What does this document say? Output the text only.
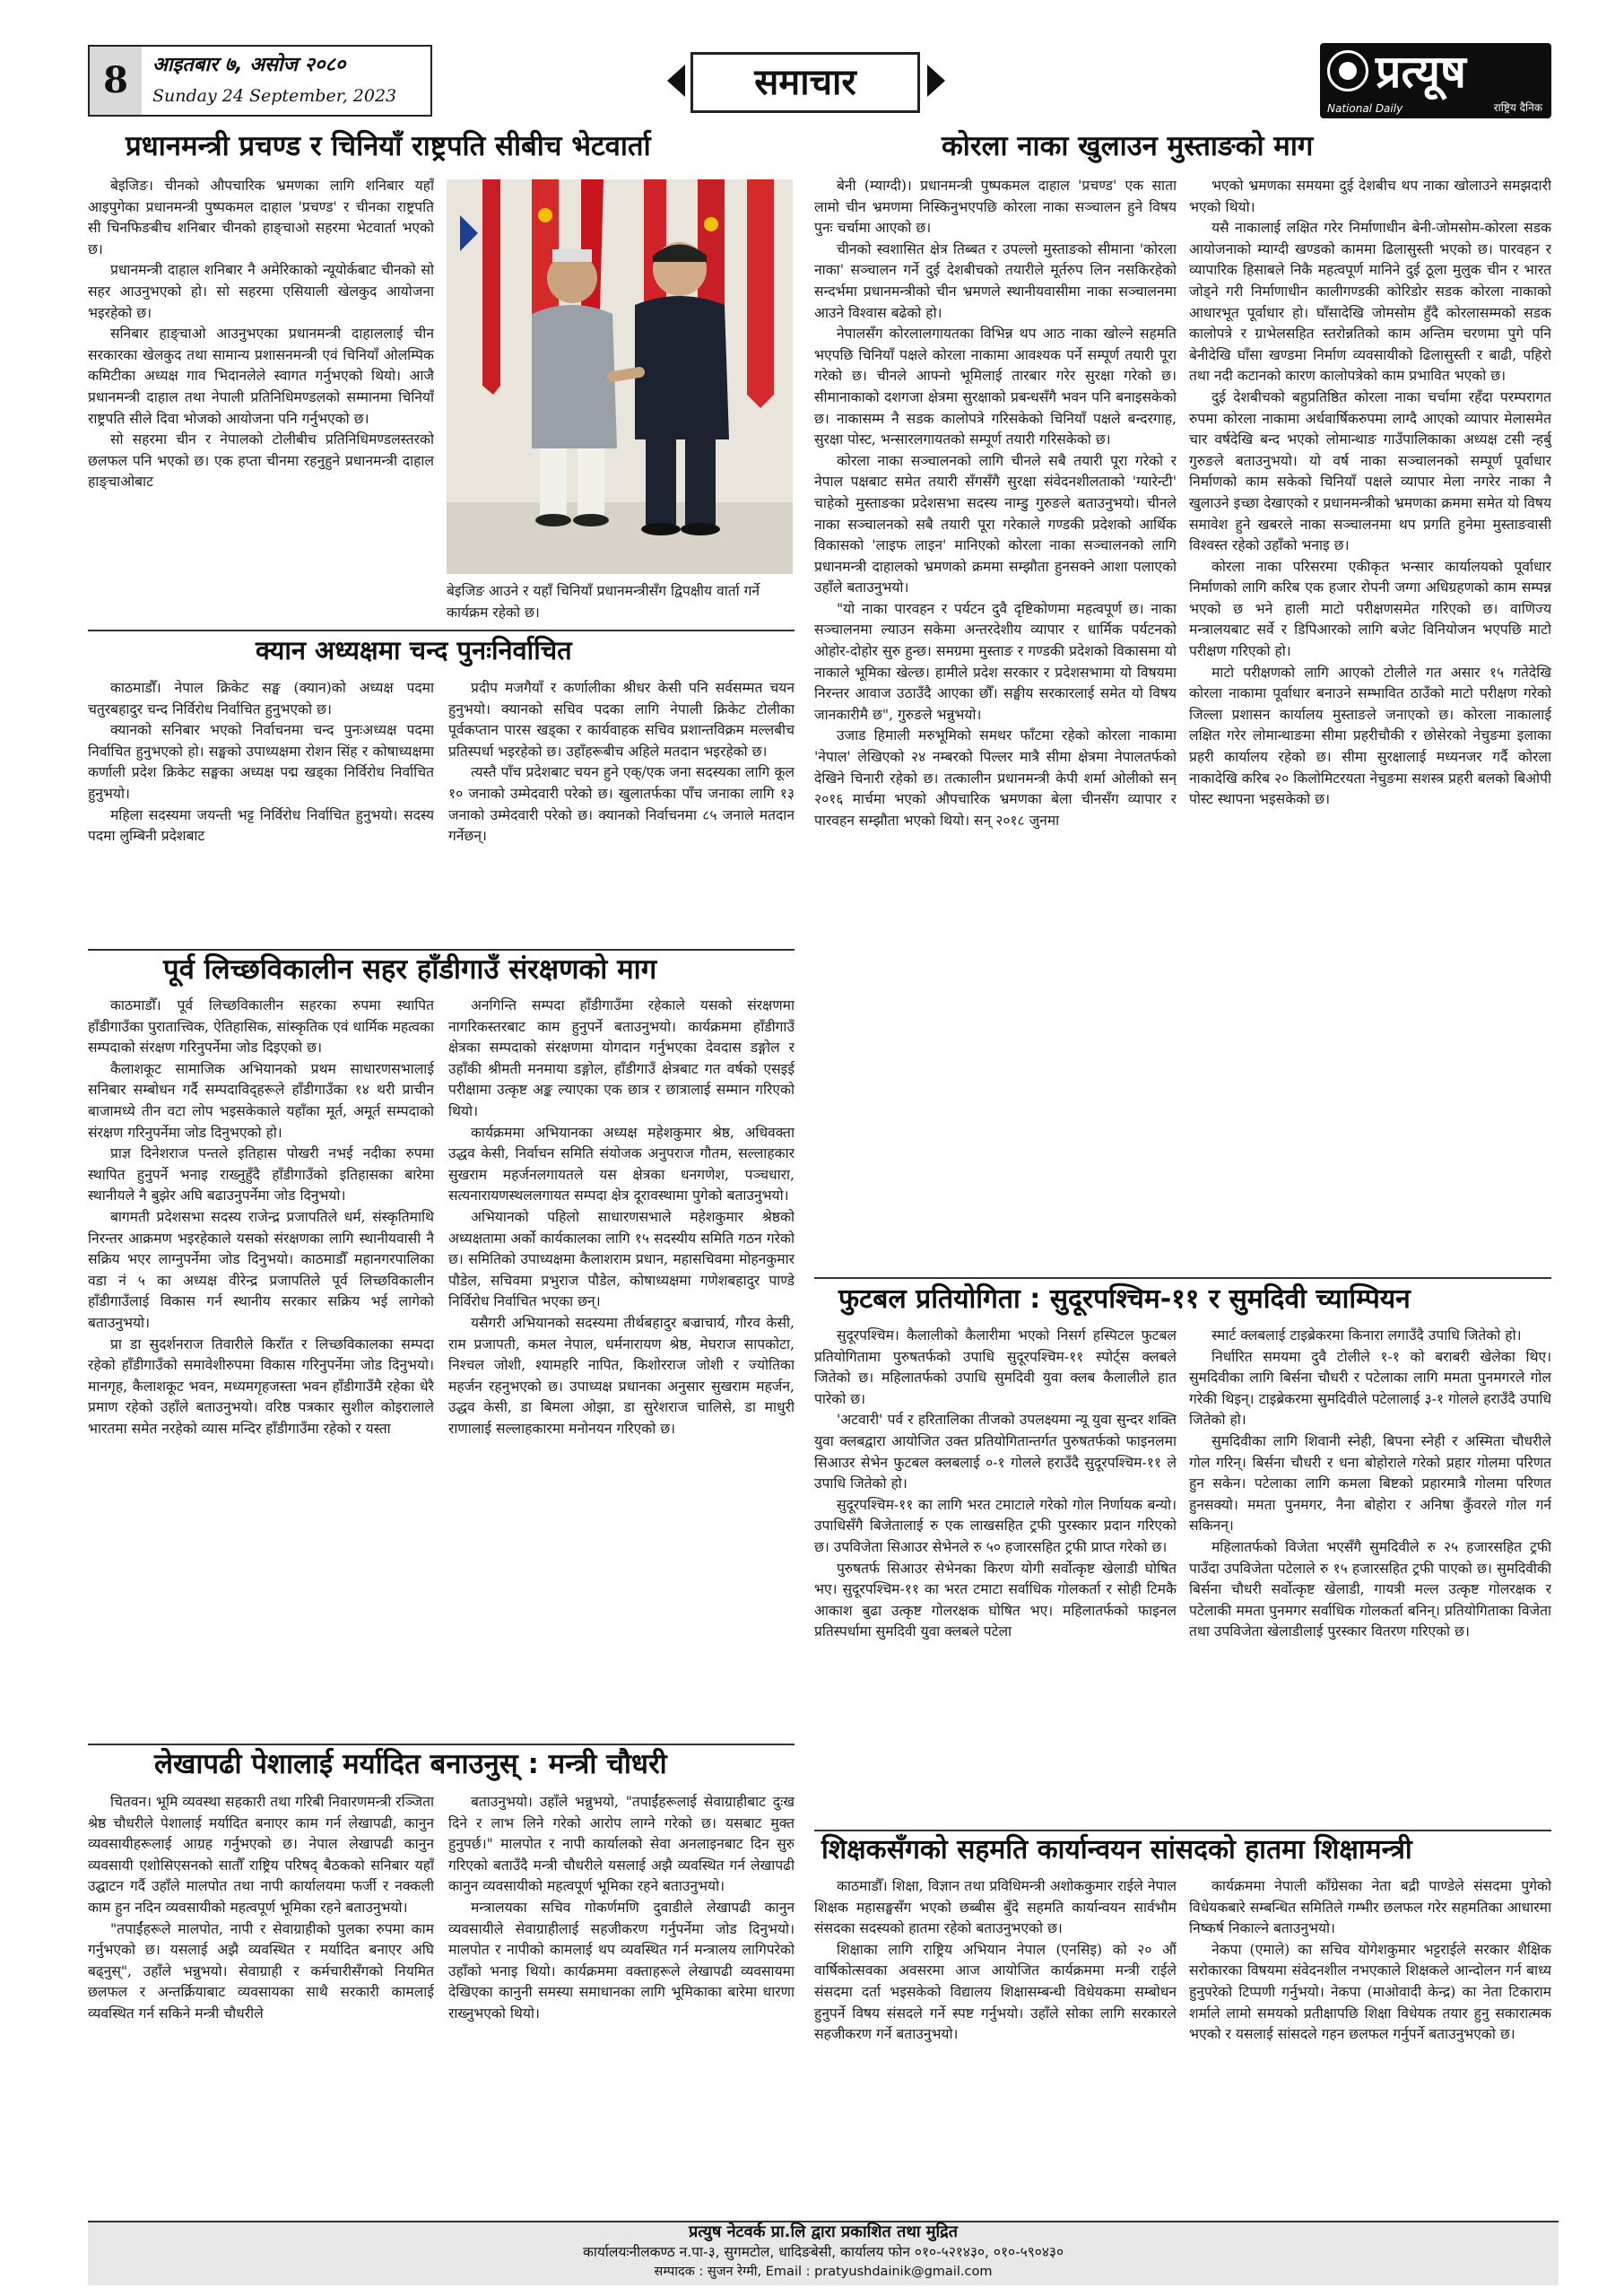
8	आइतबार ७, असोज २०८०
Sunday 24 September, 2023	समाचार	प्रत्यूष
National Daily	राष्ट्रिय दैनिक
प्रधानमन्त्री प्रचण्ड र चिनियाँ राष्ट्रपति सीबीच भेटवार्ता

बेइजिङ। चीनको औपचारिक भ्रमणका लागि शनिबार यहाँ आइपुगेका प्रधानमन्त्री पुष्पकमल दाहाल 'प्रचण्ड' र चीनका राष्ट्रपति सी चिनफिङबीच शनिबार चीनको हाङ्चाओ सहरमा भेटवार्ता भएको छ।

प्रधानमन्त्री दाहाल शनिबार नै अमेरिकाको न्यूयोर्कबाट चीनको सो सहर आउनुभएको हो। सो सहरमा एसियाली खेलकुद आयोजना भइरहेको छ।

सनिबार हाङ्चाओ आउनुभएका प्रधानमन्त्री दाहाललाई चीन सरकारका खेलकुद तथा सामान्य प्रशासनमन्त्री एवं चिनियाँ ओलम्पिक कमिटीका अध्यक्ष गाव भिदानलेले स्वागत गर्नुभएको थियो। आजै प्रधानमन्त्री दाहाल तथा नेपाली प्रतिनिधिमण्डलको सम्मानमा चिनियाँ राष्ट्रपति सीले दिवा भोजको आयोजना पनि गर्नुभएको छ।

सो सहरमा चीन र नेपालको टोलीबीच प्रतिनिधिमण्डलस्तरको छलफल पनि भएको छ। एक हप्ता चीनमा रहनुहुने प्रधानमन्त्री दाहाल हाङ्चाओबाट

बेइजिङ आउने र यहाँ चिनियाँ प्रधानमन्त्रीसँग द्विपक्षीय वार्ता गर्ने कार्यक्रम रहेको छ।
क्यान अध्यक्षमा चन्द पुनःनिर्वाचित

काठमाडौँ। नेपाल क्रिकेट सङ्घ (क्यान)को अध्यक्ष पदमा चतुरबहादुर चन्द निर्विरोध निर्वाचित हुनुभएको छ।

क्यानको सनिबार भएको निर्वाचनमा चन्द पुनःअध्यक्ष पदमा निर्वाचित हुनुभएको हो। सङ्घको उपाध्यक्षमा रोशन सिंह र कोषाध्यक्षमा कर्णाली प्रदेश क्रिकेट सङ्घका अध्यक्ष पद्म खड्का निर्विरोध निर्वाचित हुनुभयो।

महिला सदस्यमा जयन्ती भट्ट निर्विरोध निर्वाचित हुनुभयो। सदस्य पदमा लुम्बिनी प्रदेशबाट

प्रदीप मजगैयाँ र कर्णालीका श्रीधर केसी पनि सर्वसम्मत चयन हुनुभयो। क्यानको सचिव पदका लागि नेपाली क्रिकेट टोलीका पूर्वकप्तान पारस खड्का र कार्यवाहक सचिव प्रशान्तविक्रम मल्लबीच प्रतिस्पर्धा भइरहेको छ। उहाँहरूबीच अहिले मतदान भइरहेको छ।

त्यस्तै पाँच प्रदेशबाट चयन हुने एक्/एक जना सदस्यका लागि कूल १० जनाको उम्मेदवारी परेको छ। खुलातर्फका पाँच जनाका लागि १३ जनाको उम्मेदवारी परेको छ। क्यानको निर्वाचनमा ८५ जनाले मतदान गर्नेछन्।

पूर्व लिच्छविकालीन सहर हाँडीगाउँ संरक्षणको माग

काठमाडौँ। पूर्व लिच्छविकालीन सहरका रुपमा स्थापित हाँडीगाउँका पुरातात्त्विक, ऐतिहासिक, सांस्कृतिक एवं धार्मिक महत्वका सम्पदाको संरक्षण गरिनुपर्नेमा जोड दिइएको छ।

कैलाशकूट सामाजिक अभियानको प्रथम साधारणसभालाई सनिबार सम्बोधन गर्दै सम्पदाविद्हरूले हाँडीगाउँका १४ थरी प्राचीन बाजामध्ये तीन वटा लोप भइसकेकाले यहाँका मूर्त, अमूर्त सम्पदाको संरक्षण गरिनुपर्नेमा जोड दिनुभएको हो।

प्राज्ञ दिनेशराज पन्तले इतिहास पोखरी नभई नदीका रुपमा स्थापित हुनुपर्ने भनाइ राख्नुहुँदै हाँडीगाउँको इतिहासका बारेमा स्थानीयले नै बुझेर अघि बढाउनुपर्नेमा जोड दिनुभयो।

बागमती प्रदेशसभा सदस्य राजेन्द्र प्रजापतिले धर्म, संस्कृतिमाथि निरन्तर आक्रमण भइरहेकाले यसको संरक्षणका लागि स्थानीयवासी नै सक्रिय भएर लाग्नुपर्नेमा जोड दिनुभयो। काठमाडौँ महानगरपालिका वडा नं ५ का अध्यक्ष वीरेन्द्र प्रजापतिले पूर्व लिच्छविकालीन हाँडीगाउँलाई विकास गर्न स्थानीय सरकार सक्रिय भई लागेको बताउनुभयो।

प्रा डा सुदर्शनराज तिवारीले किराँत र लिच्छविकालका सम्पदा रहेको हाँडीगाउँको समावेशीरुपमा विकास गरिनुपर्नेमा जोड दिनुभयो। मानगृह, कैलाशकूट भवन, मध्यमगृहजस्ता भवन हाँडीगाउँमै रहेका धेरै प्रमाण रहेको उहाँले बताउनुभयो। वरिष्ठ पत्रकार सुशील कोइरालाले भारतमा समेत नरहेको व्यास मन्दिर हाँडीगाउँमा रहेको र यस्ता

अनगिन्ति सम्पदा हाँडीगाउँमा रहेकाले यसको संरक्षणमा नागरिकस्तरबाट काम हुनुपर्ने बताउनुभयो। कार्यक्रममा हाँडीगाउँ क्षेत्रका सम्पदाको संरक्षणमा योगदान गर्नुभएका देवदास डङ्गोल र उहाँकी श्रीमती मनमाया डङ्गोल, हाँडीगाउँ क्षेत्रबाट गत वर्षको एसइई परीक्षामा उत्कृष्ट अङ्क ल्याएका एक छात्र र छात्रालाई सम्मान गरिएको थियो।

कार्यक्रममा अभियानका अध्यक्ष महेशकुमार श्रेष्ठ, अधिवक्ता उद्धव केसी, निर्वाचन समिति संयोजक अनुपराज गौतम, सल्लाहकार सुखराम महर्जनलगायतले यस क्षेत्रका धनगणेश, पञ्चधारा, सत्यनारायणस्थललगायत सम्पदा क्षेत्र दूरावस्थामा पुगेको बताउनुभयो।

अभियानको पहिलो साधारणसभाले महेशकुमार श्रेष्ठको अध्यक्षतामा अर्को कार्यकालका लागि १५ सदस्यीय समिति गठन गरेको छ। समितिको उपाध्यक्षमा कैलाशराम प्रधान, महासचिवमा मोहनकुमार पौडेल, सचिवमा प्रभुराज पौडेल, कोषाध्यक्षमा गणेशबहादुर पाण्डे निर्विरोध निर्वाचित भएका छन्।

यसैगरी अभियानको सदस्यमा तीर्थबहादुर बज्राचार्य, गौरव केसी, राम प्रजापती, कमल नेपाल, धर्मनारायण श्रेष्ठ, मेघराज सापकोटा, निश्चल जोशी, श्यामहरि नापित, किशोरराज जोशी र ज्योतिका महर्जन रहनुभएको छ। उपाध्यक्ष प्रधानका अनुसार सुखराम महर्जन, उद्धव केसी, डा बिमला ओझा, डा सुरेशराज चालिसे, डा माधुरी राणालाई सल्लाहकारमा मनोनयन गरिएको छ।

लेखापढी पेशालाई मर्यादित बनाउनुस् : मन्त्री चौधरी

चितवन। भूमि व्यवस्था सहकारी तथा गरिबी निवारणमन्त्री रञ्जिता श्रेष्ठ चौधरीले पेशालाई मर्यादित बनाएर काम गर्न लेखापढी, कानुन व्यवसायीहरूलाई आग्रह गर्नुभएको छ। नेपाल लेखापढी कानुन व्यवसायी एशोसिएसनको सातौँ राष्ट्रिय परिषद् बैठकको सनिबार यहाँ उद्घाटन गर्दै उहाँले मालपोत तथा नापी कार्यालयमा फर्जी र नक्कली काम हुन नदिन व्यवसायीको महत्वपूर्ण भूमिका रहने बताउनुभयो।

"तपाईंहरूले मालपोत, नापी र सेवाग्राहीको पुलका रुपमा काम गर्नुभएको छ। यसलाई अझै व्यवस्थित र मर्यादित बनाएर अघि बढ्नुस्", उहाँले भन्नुभयो। सेवाग्राही र कर्मचारीसँगको नियमित छलफल र अन्तर्क्रियाबाट व्यवसायका साथै सरकारी कामलाई व्यवस्थित गर्न सकिने मन्त्री चौधरीले

बताउनुभयो। उहाँले भन्नुभयो, "तपाईंहरूलाई सेवाग्राहीबाट दुःख दिने र लाभ लिने गरेको आरोप लाग्ने गरेको छ। यसबाट मुक्त हुनुपर्छ।" मालपोत र नापी कार्यालको सेवा अनलाइनबाट दिन सुरु गरिएको बताउँदै मन्त्री चौधरीले यसलाई अझै व्यवस्थित गर्न लेखापढी कानुन व्यवसायीको महत्वपूर्ण भूमिका रहने बताउनुभयो।

मन्त्रालयका सचिव गोकर्णमणि दुवाडीले लेखापढी कानुन व्यवसायीले सेवाग्राहीलाई सहजीकरण गर्नुपर्नेमा जोड दिनुभयो। मालपोत र नापीको कामलाई थप व्यवस्थित गर्न मन्त्रालय लागिपरेको उहाँको भनाइ थियो। कार्यक्रममा वक्ताहरूले लेखापढी व्यवसायमा देखिएका कानुनी समस्या समाधानका लागि भूमिकाका बारेमा धारणा राख्नुभएको थियो।

कोरला नाका खुलाउन मुस्ताङको माग

बेनी (म्याग्दी)। प्रधानमन्त्री पुष्पकमल दाहाल 'प्रचण्ड' एक साता लामो चीन भ्रमणमा निस्किनुभएपछि कोरला नाका सञ्चालन हुने विषय पुनः चर्चामा आएको छ।

चीनको स्वशासित क्षेत्र तिब्बत र उपल्लो मुस्ताङको सीमाना 'कोरला नाका' सञ्चालन गर्ने दुई देशबीचको तयारीले मूर्तरुप लिन नसकिरहेको सन्दर्भमा प्रधानमन्त्रीको चीन भ्रमणले स्थानीयवासीमा नाका सञ्चालनमा आउने विश्वास बढेको हो।

नेपालसँग कोरलालगायतका विभिन्न थप आठ नाका खोल्ने सहमति भएपछि चिनियाँ पक्षले कोरला नाकामा आवश्यक पर्ने सम्पूर्ण तयारी पूरा गरेको छ। चीनले आफ्नो भूमिलाई तारबार गरेर सुरक्षा गरेको छ। सीमानाकाको दशगजा क्षेत्रमा सुरक्षाको प्रबन्धसँगै भवन पनि बनाइसकेको छ। नाकासम्म नै सडक कालोपत्रे गरिसकेको चिनियाँ पक्षले बन्दरगाह, सुरक्षा पोस्ट, भन्सारलगायतको सम्पूर्ण तयारी गरिसकेको छ।

कोरला नाका सञ्चालनको लागि चीनले सबै तयारी पूरा गरेको र नेपाल पक्षबाट समेत तयारी सँगसँगै सुरक्षा संवेदनशीलताको 'ग्यारेन्टी' चाहेको मुस्ताङका प्रदेशसभा सदस्य नाम्डु गुरुङले बताउनुभयो। चीनले नाका सञ्चालनको सबै तयारी पूरा गरेकाले गण्डकी प्रदेशको आर्थिक विकासको 'लाइफ लाइन' मानिएको कोरला नाका सञ्चालनको लागि प्रधानमन्त्री दाहालको भ्रमणको क्रममा सम्झौता हुनसक्ने आशा पलाएको उहाँले बताउनुभयो।

"यो नाका पारवहन र पर्यटन दुवै दृष्टिकोणमा महत्वपूर्ण छ। नाका सञ्चालनमा ल्याउन सकेमा अन्तरदेशीय व्यापार र धार्मिक पर्यटनको ओहोर-दोहोर सुरु हुन्छ। समग्रमा मुस्ताङ र गण्डकी प्रदेशको विकासमा यो नाकाले भूमिका खेल्छ। हामीले प्रदेश सरकार र प्रदेशसभामा यो विषयमा निरन्तर आवाज उठाउँदै आएका छौँ। सङ्घीय सरकारलाई समेत यो विषय जानकारीमै छ", गुरुङले भन्नुभयो।

उजाड हिमाली मरुभूमिको समथर फाँटमा रहेको कोरला नाकामा 'नेपाल' लेखिएको २४ नम्बरको पिल्लर मात्रै सीमा क्षेत्रमा नेपालतर्फको देखिने चिनारी रहेको छ। तत्कालीन प्रधानमन्त्री केपी शर्मा ओलीको सन् २०१६ मार्चमा भएको औपचारिक भ्रमणका बेला चीनसँग व्यापार र पारवहन सम्झौता भएको थियो। सन् २०१८ जुनमा

भएको भ्रमणका समयमा दुई देशबीच थप नाका खोलाउने समझदारी भएको थियो।

यसै नाकालाई लक्षित गरेर निर्माणाधीन बेनी-जोमसोम-कोरला सडक आयोजनाको म्याग्दी खण्डको काममा ढिलासुस्ती भएको छ। पारवहन र व्यापारिक हिसाबले निकै महत्वपूर्ण मानिने दुई ठूला मुलुक चीन र भारत जोड्ने गरी निर्माणाधीन कालीगण्डकी कोरिडोर सडक कोरला नाकाको आधारभूत पूर्वाधार हो। घाँसादेखि जोमसोम हुँदै कोरलासम्मको सडक कालोपत्रे र ग्राभेलसहित स्तरोन्नतिको काम अन्तिम चरणमा पुगे पनि बेनीदेखि घाँसा खण्डमा निर्माण व्यवसायीको ढिलासुस्ती र बाढी, पहिरो तथा नदी कटानको कारण कालोपत्रेको काम प्रभावित भएको छ।

दुई देशबीचको बहुप्रतिष्ठित कोरला नाका चर्चामा रहँदा परम्परागत रुपमा कोरला नाकामा अर्धवार्षिकरुपमा लाग्दै आएको व्यापार मेलासमेत चार वर्षदेखि बन्द भएको लोमान्थाङ गाउँपालिकाका अध्यक्ष टसी न्हर्बु गुरुङले बताउनुभयो। यो वर्ष नाका सञ्चालनको सम्पूर्ण पूर्वाधार निर्माणको काम सकेको चिनियाँ पक्षले व्यापार मेला नगरेर नाका नै खुलाउने इच्छा देखाएको र प्रधानमन्त्रीको भ्रमणका क्रममा समेत यो विषय समावेश हुने खबरले नाका सञ्चालनमा थप प्रगति हुनेमा मुस्ताङवासी विश्वस्त रहेको उहाँको भनाइ छ।

कोरला नाका परिसरमा एकीकृत भन्सार कार्यालयको पूर्वाधार निर्माणको लागि करिब एक हजार रोपनी जग्गा अधिग्रहणको काम सम्पन्न भएको छ भने हाली माटो परीक्षणसमेत गरिएको छ। वाणिज्य मन्त्रालयबाट सर्वे र डिपिआरको लागि बजेट विनियोजन भएपछि माटो परीक्षण गरिएको हो।

माटो परीक्षणको लागि आएको टोलीले गत असार १५ गतेदेखि कोरला नाकामा पूर्वाधार बनाउने सम्भावित ठाउँको माटो परीक्षण गरेको जिल्ला प्रशासन कार्यालय मुस्ताङले जनाएको छ। कोरला नाकालाई लक्षित गरेर लोमान्थाङमा सीमा प्रहरीचौकी र छोसेरको नेचुङमा इलाका प्रहरी कार्यालय रहेको छ। सीमा सुरक्षालाई मध्यनजर गर्दै कोरला नाकादेखि करिब २० किलोमिटरयता नेचुङमा सशस्त्र प्रहरी बलको बिओपी पोस्ट स्थापना भइसकेको छ।

फुटबल प्रतियोगिता : सुदूरपश्चिम-११ र सुमदिवी च्याम्पियन

सुदूरपश्चिम। कैलालीको कैलारीमा भएको निसर्ग हस्पिटल फुटबल प्रतियोगितामा पुरुषतर्फको उपाधि सुदूरपश्चिम-११ स्पोर्ट्स क्लबले जितेको छ। महिलातर्फको उपाधि सुमदिवी युवा क्लब कैलालीले हात पारेको छ।

'अटवारी' पर्व र हरितालिका तीजको उपलक्ष्यमा न्यू युवा सुन्दर शक्ति युवा क्लबद्वारा आयोजित उक्त प्रतियोगितान्तर्गत पुरुषतर्फको फाइनलमा सिआउर सेभेन फुटबल क्लबलाई ०-१ गोलले हराउँदै सुदूरपश्चिम-११ ले उपाधि जितेको हो।

सुदूरपश्चिम-११ का लागि भरत टमाटाले गरेको गोल निर्णायक बन्यो। उपाधिसँगै बिजेतालाई रु एक लाखसहित ट्रफी पुरस्कार प्रदान गरिएको छ। उपविजेता सिआउर सेभेनले रु ५० हजारसहित ट्रफी प्राप्त गरेको छ।

पुरुषतर्फ सिआउर सेभेनका किरण योगी सर्वोत्कृष्ट खेलाडी घोषित भए। सुदूरपश्चिम-११ का भरत टमाटा सर्वाधिक गोलकर्ता र सोही टिमकै आकाश बुढा उत्कृष्ट गोलरक्षक घोषित भए। महिलातर्फको फाइनल प्रतिस्पर्धामा सुमदिवी युवा क्लबले पटेला

स्मार्ट क्लबलाई टाइब्रेकरमा किनारा लगाउँदै उपाधि जितेको हो।

निर्धारित समयमा दुवै टोलीले १-१ को बराबरी खेलेका थिए। सुमदिवीका लागि बिर्सना चौधरी र पटेलाका लागि ममता पुनमगरले गोल गरेकी थिइन्। टाइब्रेकरमा सुमदिवीले पटेलालाई ३-१ गोलले हराउँदै उपाधि जितेको हो।

सुमदिवीका लागि शिवानी स्नेही, बिपना स्नेही र अस्मिता चौधरीले गोल गरिन्। बिर्सना चौधरी र धना बोहोराले गरेको प्रहार गोलमा परिणत हुन सकेन। पटेलाका लागि कमला बिष्टको प्रहारमात्रै गोलमा परिणत हुनसक्यो। ममता पुनमगर, नैना बोहोरा र अनिषा कुँवरले गोल गर्न सकिनन्।

महिलातर्फको विजेता भएसँगै सुमदिवीले रु २५ हजारसहित ट्रफी पाउँदा उपविजेता पटेलाले रु १५ हजारसहित ट्रफी पाएको छ। सुमदिवीकी बिर्सना चौधरी सर्वोत्कृष्ट खेलाडी, गायत्री मल्ल उत्कृष्ट गोलरक्षक र पटेलाकी ममता पुनमगर सर्वाधिक गोलकर्ता बनिन्। प्रतियोगिताका विजेता तथा उपविजेता खेलाडीलाई पुरस्कार वितरण गरिएको छ।

शिक्षकसँगको सहमति कार्यान्वयन सांसदको हातमा शिक्षामन्त्री

काठमाडौँ। शिक्षा, विज्ञान तथा प्रविधिमन्त्री अशोककुमार राईले नेपाल शिक्षक महासङ्घसँग भएको छब्बीस बुँदे सहमति कार्यान्वयन सार्वभौम संसदका सदस्यको हातमा रहेको बताउनुभएको छ।

शिक्षाका लागि राष्ट्रिय अभियान नेपाल (एनसिइ) को २० औं वार्षिकोत्सवका अवसरमा आज आयोजित कार्यक्रममा मन्त्री राईले संसदमा दर्ता भइसकेको विद्यालय शिक्षासम्बन्धी विधेयकमा सम्बोधन हुनुपर्ने विषय संसदले गर्ने स्पष्ट गर्नुभयो। उहाँले सोका लागि सरकारले सहजीकरण गर्ने बताउनुभयो।

कार्यक्रममा नेपाली काँग्रेसका नेता बद्री पाण्डेले संसदमा पुगेको विधेयकबारे सम्बन्धित समितिले गम्भीर छलफल गरेर सहमतिका आधारमा निष्कर्ष निकाल्ने बताउनुभयो।

नेकपा (एमाले) का सचिव योगेशकुमार भट्टराईले सरकार शैक्षिक सरोकारका विषयमा संवेदनशील नभएकाले शिक्षकले आन्दोलन गर्न बाध्य हुनुपरेको टिप्पणी गर्नुभयो। नेकपा (माओवादी केन्द्र) का नेता टिकाराम शर्माले लामो समयको प्रतीक्षापछि शिक्षा विधेयक तयार हुनु सकारात्मक भएको र यसलाई सांसदले गहन छलफल गर्नुपर्ने बताउनुभएको छ।

प्रत्युष नेटवर्क प्रा.लि द्वारा प्रकाशित तथा मुद्रित
कार्यालयःनीलकण्ठ न.पा-३, सुगमटोल, धादिङबेसी, कार्यालय फोन ०१०-५२१४३०, ०१०-५९०४३०
सम्पादक : सुजन रेग्मी, Email : pratyushdainik@gmail.com
